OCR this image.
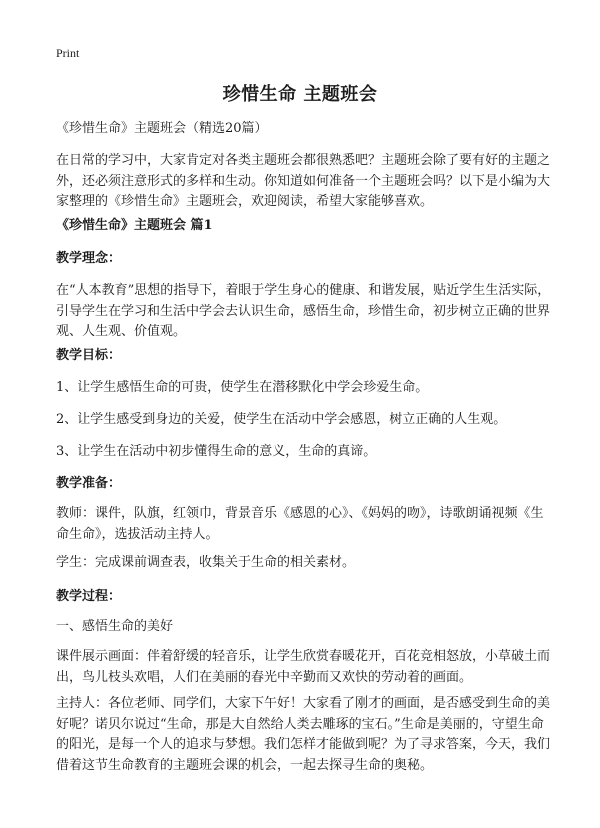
Print
珍惜生命 主题班会
《珍惜生命》主题班会（精选20篇）
在日常的学习中，大家肯定对各类主题班会都很熟悉吧？主题班会除了要有好的主题之外，还必须注意形式的多样和生动。你知道如何准备一个主题班会吗？以下是小编为大家整理的《珍惜生命》主题班会，欢迎阅读，希望大家能够喜欢。
《珍惜生命》主题班会 篇1
教学理念：
在“人本教育”思想的指导下，着眼于学生身心的健康、和谐发展，贴近学生生活实际，引导学生在学习和生活中学会去认识生命，感悟生命，珍惜生命，初步树立正确的世界观、人生观、价值观。
教学目标：
1、让学生感悟生命的可贵，使学生在潜移默化中学会珍爱生命。
2、让学生感受到身边的关爱，使学生在活动中学会感恩，树立正确的人生观。
3、让学生在活动中初步懂得生命的意义，生命的真谛。
教学准备：
教师：课件，队旗，红领巾，背景音乐《感恩的心》、《妈妈的吻》，诗歌朗诵视频《生命生命》，选拔活动主持人。
学生：完成课前调查表，收集关于生命的相关素材。
教学过程：
一、感悟生命的美好
课件展示画面：伴着舒缓的轻音乐，让学生欣赏春暖花开，百花竞相怒放，小草破土而出，鸟儿枝头欢唱，人们在美丽的春光中辛勤而又欢快的劳动着的画面。
主持人：各位老师、同学们，大家下午好！大家看了刚才的画面，是否感受到生命的美好呢？诺贝尔说过“生命，那是大自然给人类去雕琢的宝石。”生命是美丽的，守望生命的阳光，是每一个人的追求与梦想。我们怎样才能做到呢？为了寻求答案，今天，我们借着这节生命教育的主题班会课的机会，一起去探寻生命的奥秘。
